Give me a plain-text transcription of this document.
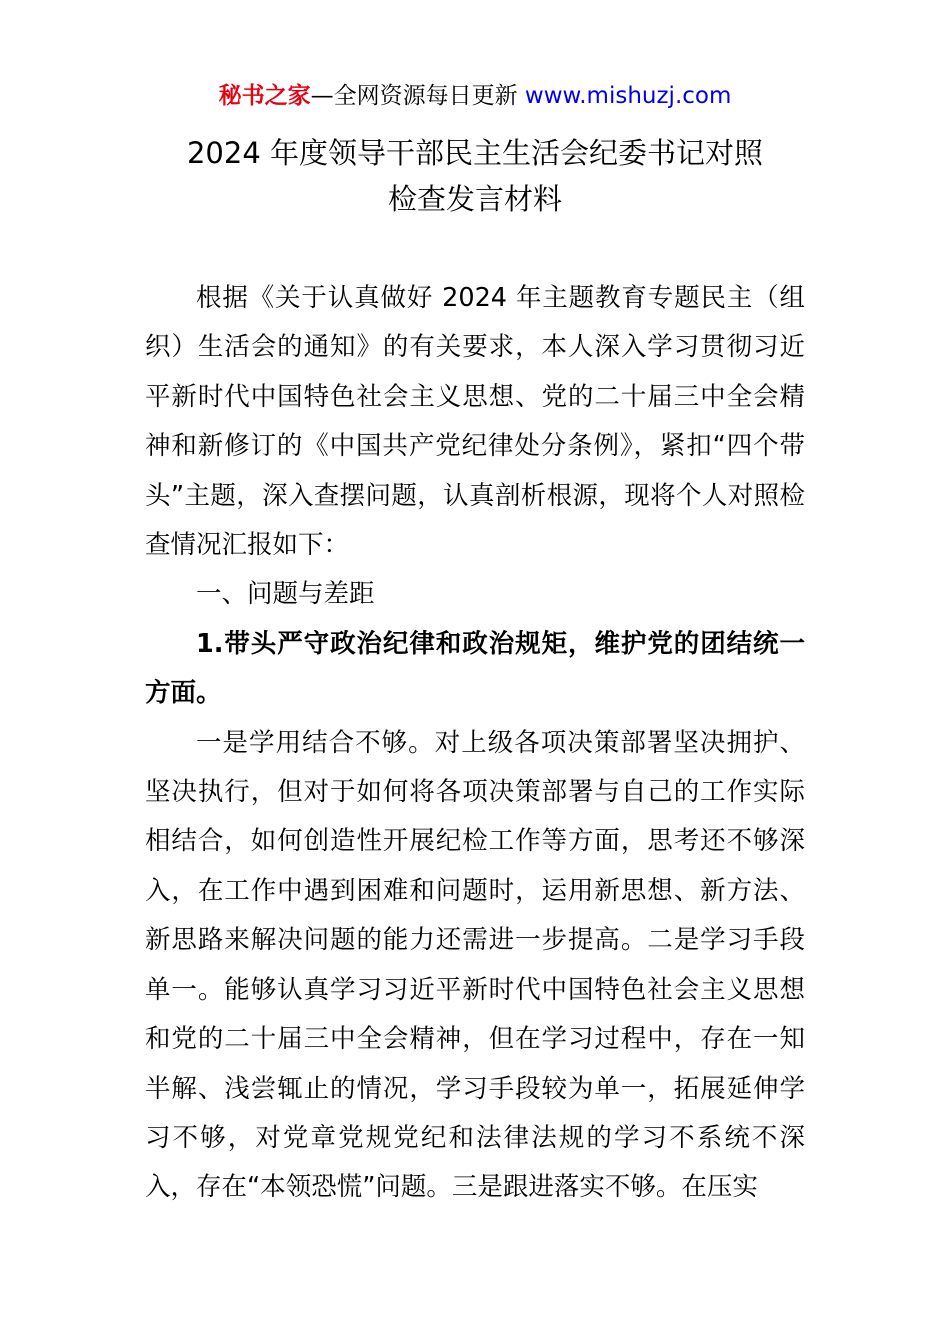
秘书之家—全网资源每日更新 www.mishuzj.com
2024 年度领导干部民主生活会纪委书记对照
检查发言材料

根据《关于认真做好 2024 年主题教育专题民主（组织）生活会的通知》的有关要求，本人深入学习贯彻习近平新时代中国特色社会主义思想、党的二十届三中全会精神和新修订的《中国共产党纪律处分条例》，紧扣“四个带头”主题，深入查摆问题，认真剖析根源，现将个人对照检查情况汇报如下：

一、问题与差距

1.带头严守政治纪律和政治规矩，维护党的团结统一方面。

一是学用结合不够。对上级各项决策部署坚决拥护、坚决执行，但对于如何将各项决策部署与自己的工作实际相结合，如何创造性开展纪检工作等方面，思考还不够深入，在工作中遇到困难和问题时，运用新思想、新方法、新思路来解决问题的能力还需进一步提高。二是学习手段单一。能够认真学习习近平新时代中国特色社会主义思想和党的二十届三中全会精神，但在学习过程中，存在一知半解、浅尝辄止的情况，学习手段较为单一，拓展延伸学习不够，对党章党规党纪和法律法规的学习不系统不深入，存在“本领恐慌”问题。三是跟进落实不够。在压实
